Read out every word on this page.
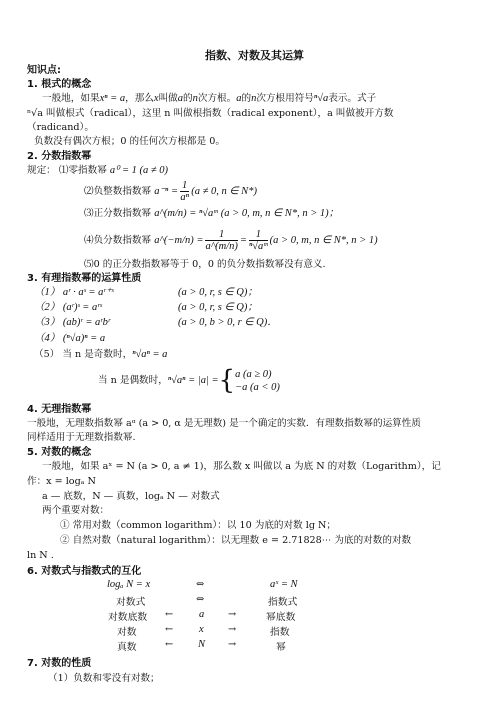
指数、对数及其运算
知识点:
1. 根式的概念
一般地，如果xⁿ = a，那么x叫做a的n次方根。a的n次方根用符号ⁿ√a表示。式子
ⁿ√a 叫做根式（radical），这里 n 叫做根指数（radical exponent），a 叫做被开方数
（radicand）。
负数没有偶次方根；0 的任何次方根都是 0。
2. 分数指数幂
规定： ⑴零指数幂 a⁰ = 1 (a ≠ 0)
⑵负整数指数幂 $a^{-n} = \frac{1}{\text{aⁿ}} (a \ne 0$, n ∈ N*)
⑶正分数指数幂 a^(m/n) = ⁿ√aᵐ (a > 0, m, n ∈ N*, n > 1)；
⑷负分数指数幂 a^(−m/n) = $\frac{1}{a\^{}(m/n)} = \frac{1}{\text{ⁿ√aᵐ}} (a > 0$, m, n ∈ N*, n > 1)
⑸0 的正分数指数幂等于 0，0 的负分数指数幂没有意义.
3. 有理指数幂的运算性质
（1） aʳ · aˢ = aʳ⁺ˢ	(a > 0, r, s ∈ Q)；
（2） (aʳ)ˢ = aʳˢ	(a > 0, r, s ∈ Q)；
（3） (ab)ʳ = aʳbʳ	(a > 0, b > 0, r ∈ Q)．
（4） (ⁿ√a)ⁿ = a
（5） 当 n 是奇数时，ⁿ√aⁿ = a
当 n 是偶数时，ⁿ√aⁿ = |a| ={ a (a ≥ 0)
−a (a < 0)
4. 无理指数幂
一般地，无理数指数幂 aᵅ (a > 0, α 是无理数) 是一个确定的实数．有理数指数幂的运算性质
同样适用于无理数指数幂.
5. 对数的概念
一般地，如果 aˣ = N (a > 0, a ≠ 1)，那么数 x 叫做以 a 为底 N 的对数（Logarithm），记
作：x = logₐ N
a — 底数，N — 真数，logₐ N — 对数式
两个重要对数：
① 常用对数（common logarithm）：以 10 为底的对数 lg N；
② 自然对数（natural logarithm）：以无理数 e = 2.71828⋯ 为底的对数的对数
ln N .
6. 对数式与指数式的互化
logₐ N = x	⇔	aˣ = N
对数式	⇔	指数式
对数底数 ← a →	幂底数
对数	← x →	指数
真数	← N →	幂
7. 对数的性质
（1）负数和零没有对数；
